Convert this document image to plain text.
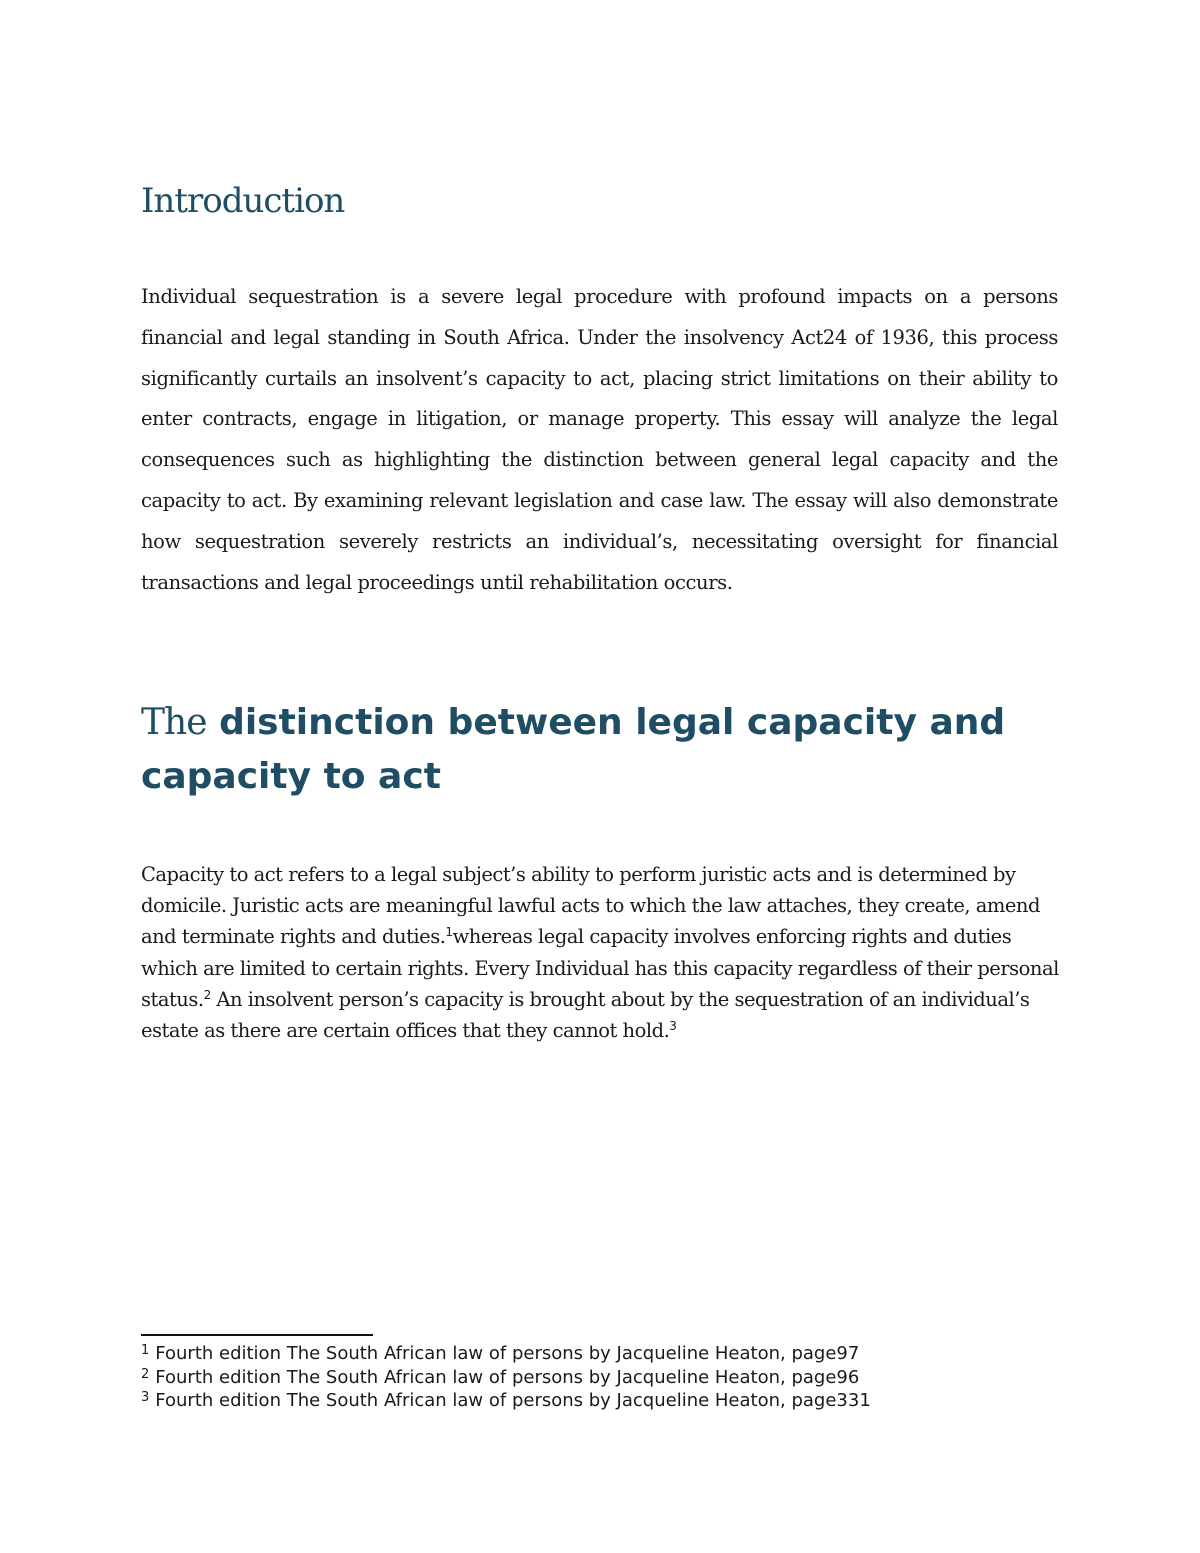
Introduction

Individual sequestration is a severe legal procedure with profound impacts on a persons financial and legal standing in South Africa. Under the insolvency Act24 of 1936, this process significantly curtails an insolvent’s capacity to act, placing strict limitations on their ability to enter contracts, engage in litigation, or manage property. This essay will analyze the legal consequences such as highlighting the distinction between general legal capacity and the capacity to act. By examining relevant legislation and case law. The essay will also demonstrate how sequestration severely restricts an individual’s, necessitating oversight for financial transactions and legal proceedings until rehabilitation occurs.

The distinction between legal capacity and capacity to act

Capacity to act refers to a legal subject’s ability to perform juristic acts and is determined by domicile. Juristic acts are meaningful lawful acts to which the law attaches, they create, amend and terminate rights and duties.$^1$whereas legal capacity involves enforcing rights and duties which are limited to certain rights. Every Individual has this capacity regardless of their personal status.$^2$ An insolvent person’s capacity is brought about by the sequestration of an individual’s estate as there are certain offices that they cannot hold.$^3$

$^1$ Fourth edition The South African law of persons by Jacqueline Heaton, page97
$^2$ Fourth edition The South African law of persons by Jacqueline Heaton, page96
$^3$ Fourth edition The South African law of persons by Jacqueline Heaton, page331
